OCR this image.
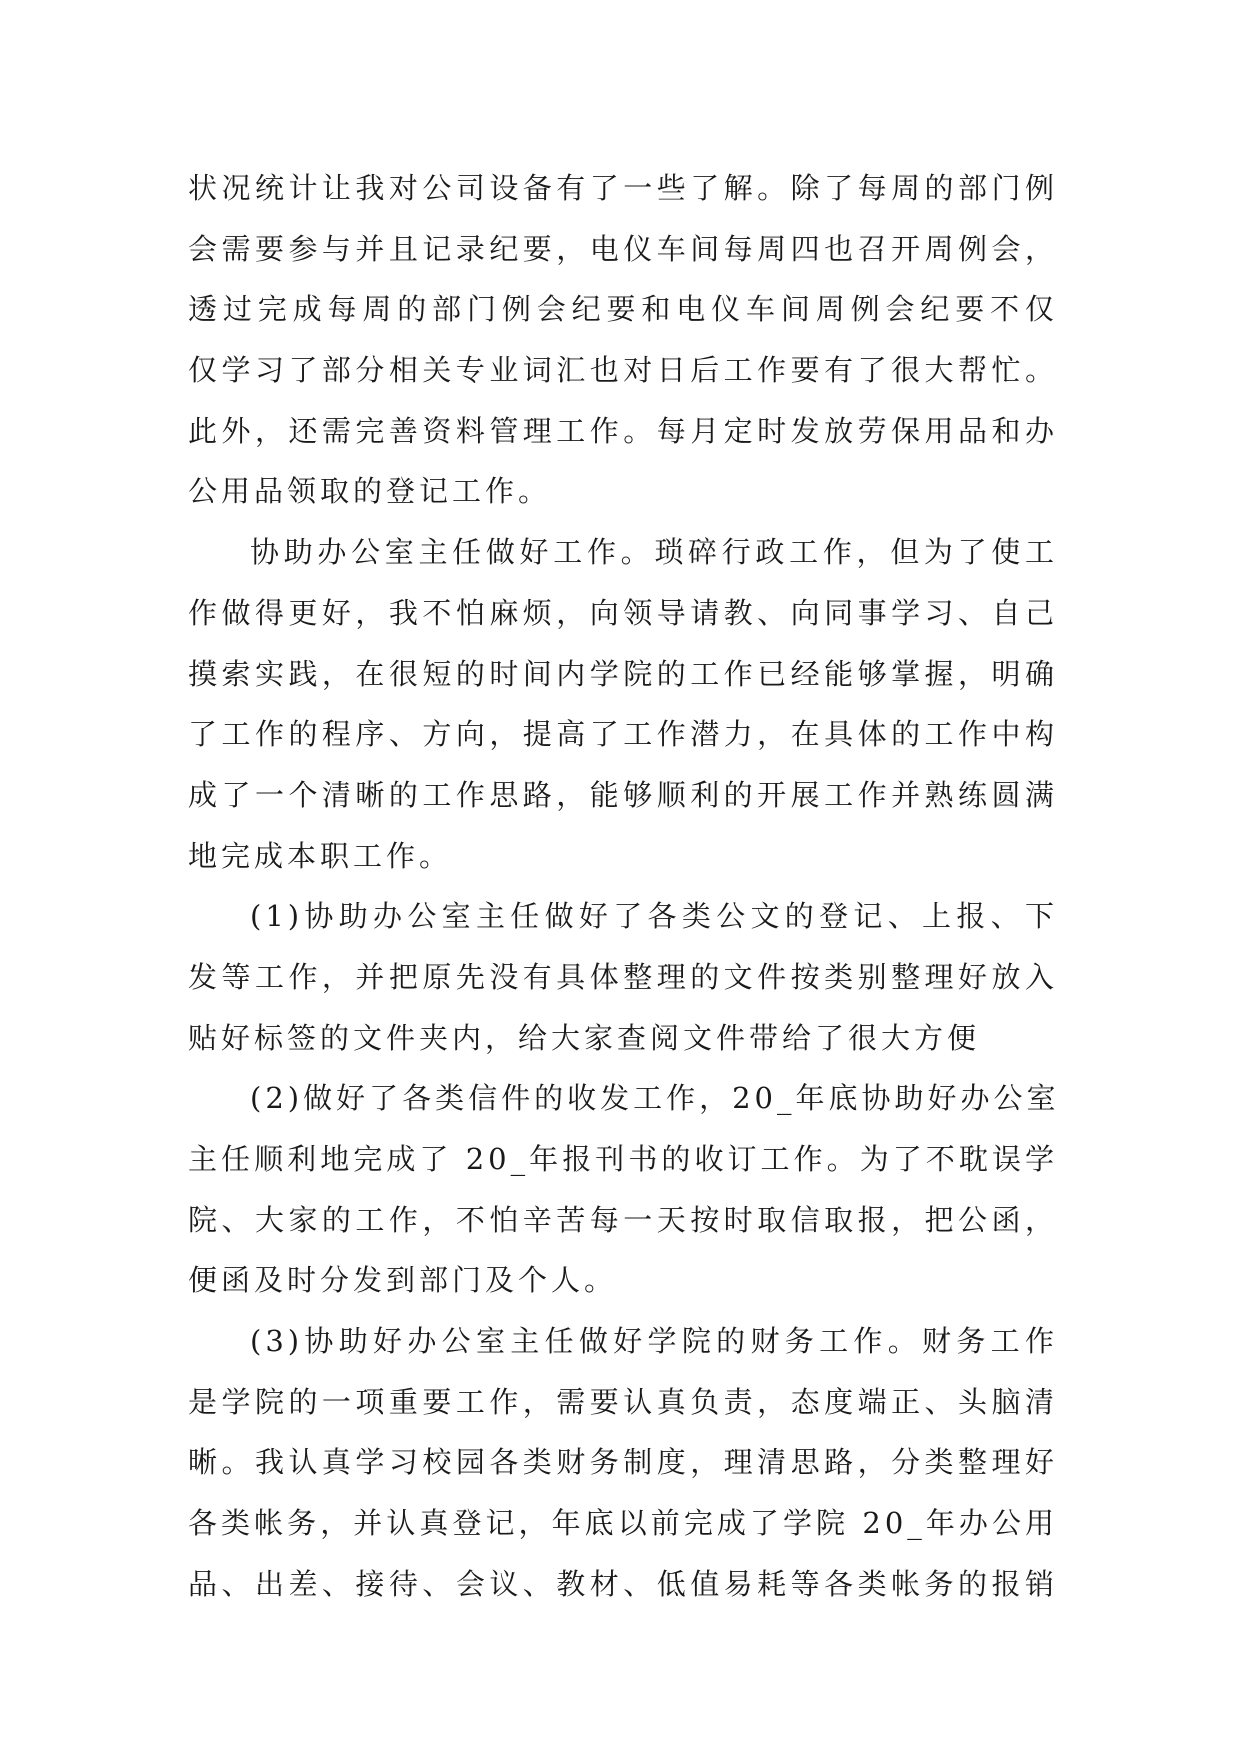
状况统计让我对公司设备有了一些了解。除了每周的部门例
会需要参与并且记录纪要，电仪车间每周四也召开周例会，
透过完成每周的部门例会纪要和电仪车间周例会纪要不仅
仅学习了部分相关专业词汇也对日后工作要有了很大帮忙。
此外，还需完善资料管理工作。每月定时发放劳保用品和办
公用品领取的登记工作。
协助办公室主任做好工作。琐碎行政工作，但为了使工
作做得更好，我不怕麻烦，向领导请教、向同事学习、自己
摸索实践，在很短的时间内学院的工作已经能够掌握，明确
了工作的程序、方向，提高了工作潜力，在具体的工作中构
成了一个清晰的工作思路，能够顺利的开展工作并熟练圆满
地完成本职工作。
(1)协助办公室主任做好了各类公文的登记、上报、下
发等工作，并把原先没有具体整理的文件按类别整理好放入
贴好标签的文件夹内，给大家查阅文件带给了很大方便
(2)做好了各类信件的收发工作，20_年底协助好办公室
主任顺利地完成了 20_年报刊书的收订工作。为了不耽误学
院、大家的工作，不怕辛苦每一天按时取信取报，把公函，
便函及时分发到部门及个人。
(3)协助好办公室主任做好学院的财务工作。财务工作
是学院的一项重要工作，需要认真负责，态度端正、头脑清
晰。我认真学习校园各类财务制度，理清思路，分类整理好
各类帐务，并认真登记，年底以前完成了学院 20_年办公用
品、出差、接待、会议、教材、低值易耗等各类帐务的报销
